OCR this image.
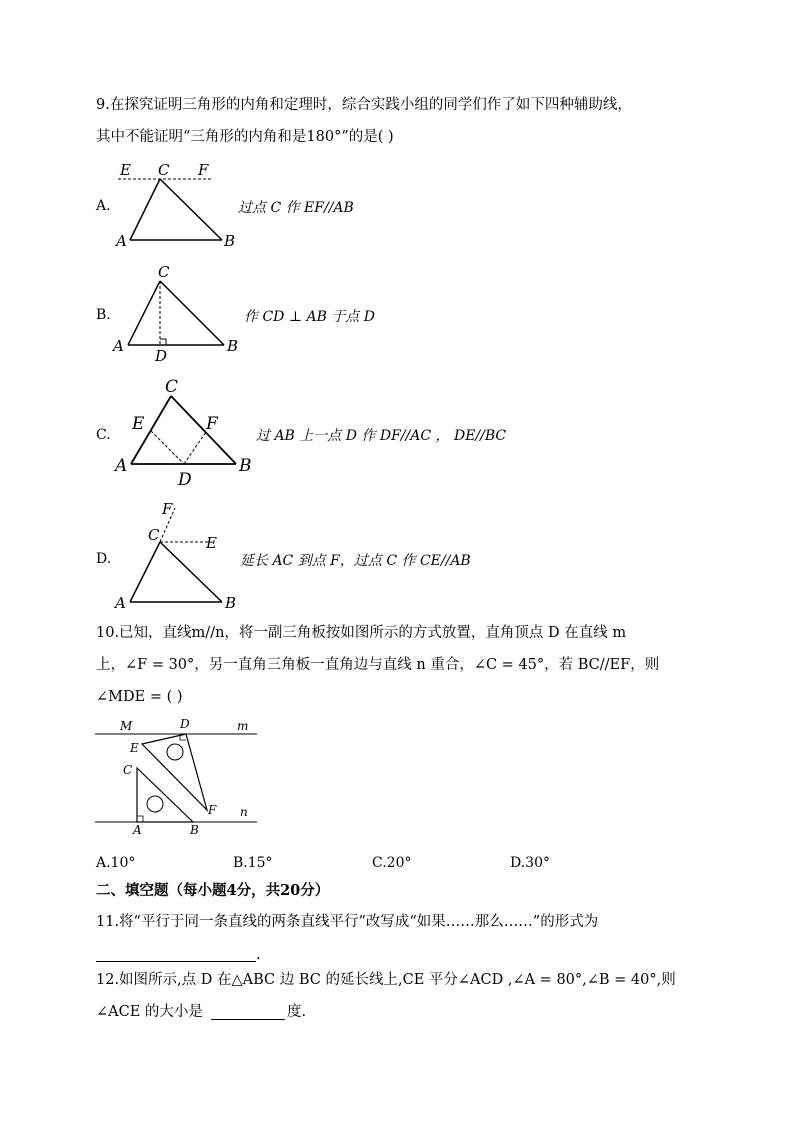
9.在探究证明三角形的内角和定理时，综合实践小组的同学们作了如下四种辅助线，
其中不能证明“三角形的内角和是180°”的是( )
A.
E C F
A	B
过点 C 作 EF//AB
B.
C
A
D
B
作 CD ⊥ AB 于点 D
C.
C
E	F
A
D
B
过 AB 上一点 D 作 DF//AC ， DE//BC
D.
F
C	E
A	B
延长 AC 到点 F，过点 C 作 CE//AB
10.已知，直线m//n，将一副三角板按如图所示的方式放置，直角顶点 D 在直线 m
上，∠F = 30°，另一直角三角板一直角边与直线 n 重合，∠C = 45°，若 BC//EF，则
∠MDE = ( )
M	D	m
E
C
F n
A	B
A.10°	B.15°	C.20°	D.30°
二、填空题（每小题4分，共20分）
11.将“平行于同一条直线的两条直线平行”改写成“如果……那么……”的形式为
.
12.如图所示,点 D 在△ABC 边 BC 的延长线上,CE 平分∠ACD ,∠A = 80°,∠B = 40°,则
∠ACE 的大小是	度.
